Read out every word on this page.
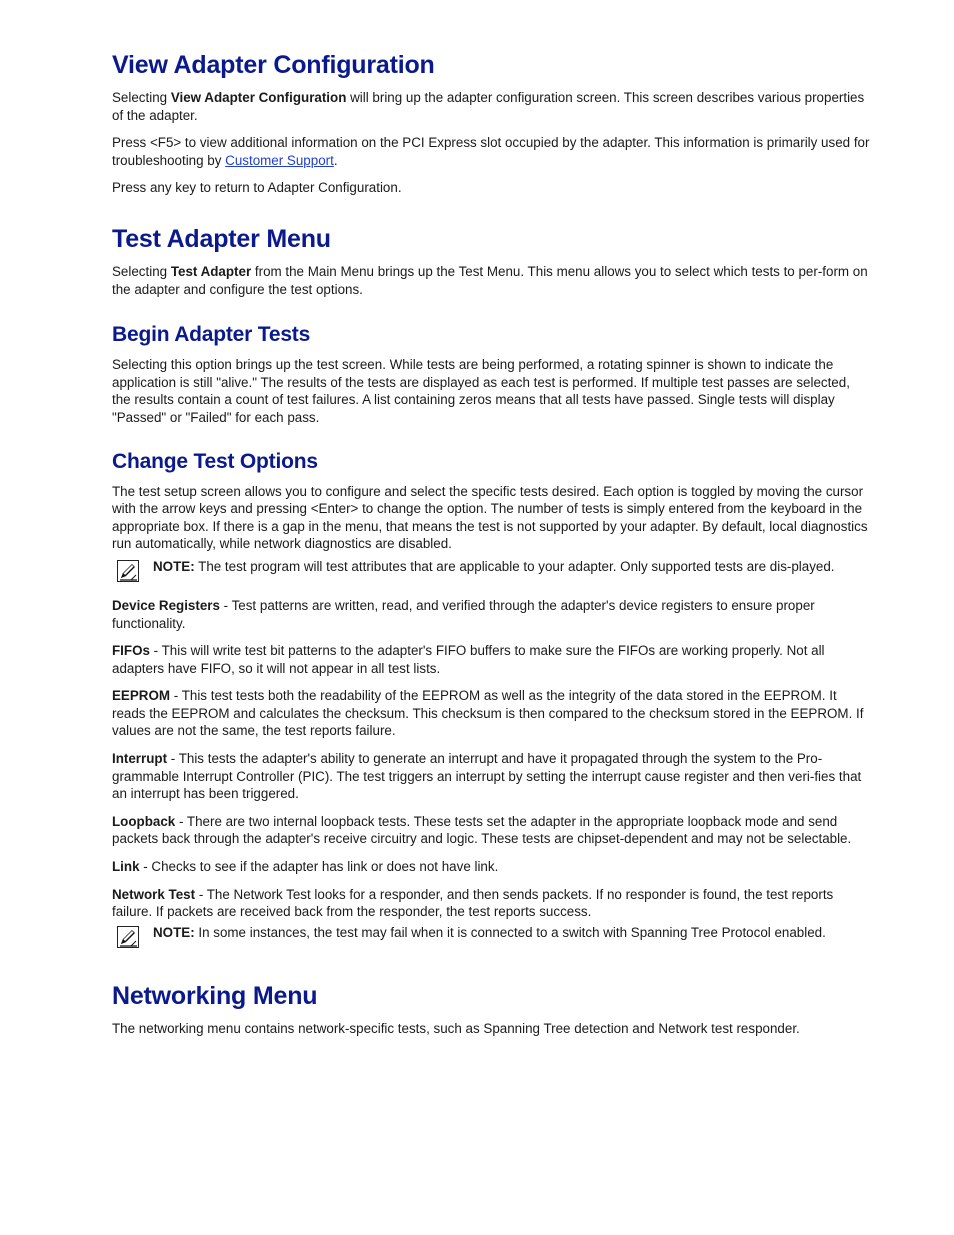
View Adapter Configuration

Selecting View Adapter Configuration will bring up the adapter configuration screen. This screen describes various properties of the adapter.

Press <F5> to view additional information on the PCI Express slot occupied by the adapter. This information is primarily used for troubleshooting by Customer Support.

Press any key to return to Adapter Configuration.

Test Adapter Menu

Selecting Test Adapter from the Main Menu brings up the Test Menu. This menu allows you to select which tests to per-form on the adapter and configure the test options.

Begin Adapter Tests

Selecting this option brings up the test screen. While tests are being performed, a rotating spinner is shown to indicate the application is still "alive." The results of the tests are displayed as each test is performed. If multiple test passes are selected, the results contain a count of test failures. A list containing zeros means that all tests have passed. Single tests will display "Passed" or "Failed" for each pass.

Change Test Options

The test setup screen allows you to configure and select the specific tests desired. Each option is toggled by moving the cursor with the arrow keys and pressing <Enter> to change the option. The number of tests is simply entered from the keyboard in the appropriate box. If there is a gap in the menu, that means the test is not supported by your adapter. By default, local diagnostics run automatically, while network diagnostics are disabled.

NOTE: The test program will test attributes that are applicable to your adapter. Only supported tests are dis-played.

Device Registers - Test patterns are written, read, and verified through the adapter's device registers to ensure proper functionality.

FIFOs - This will write test bit patterns to the adapter's FIFO buffers to make sure the FIFOs are working properly. Not all adapters have FIFO, so it will not appear in all test lists.

EEPROM - This test tests both the readability of the EEPROM as well as the integrity of the data stored in the EEPROM. It reads the EEPROM and calculates the checksum. This checksum is then compared to the checksum stored in the EEPROM. If values are not the same, the test reports failure.

Interrupt - This tests the adapter's ability to generate an interrupt and have it propagated through the system to the Pro-grammable Interrupt Controller (PIC). The test triggers an interrupt by setting the interrupt cause register and then veri-fies that an interrupt has been triggered.

Loopback - There are two internal loopback tests. These tests set the adapter in the appropriate loopback mode and send packets back through the adapter's receive circuitry and logic. These tests are chipset-dependent and may not be selectable.

Link - Checks to see if the adapter has link or does not have link.

Network Test - The Network Test looks for a responder, and then sends packets. If no responder is found, the test reports failure. If packets are received back from the responder, the test reports success.

NOTE: In some instances, the test may fail when it is connected to a switch with Spanning Tree Protocol enabled.

Networking Menu

The networking menu contains network-specific tests, such as Spanning Tree detection and Network test responder.
